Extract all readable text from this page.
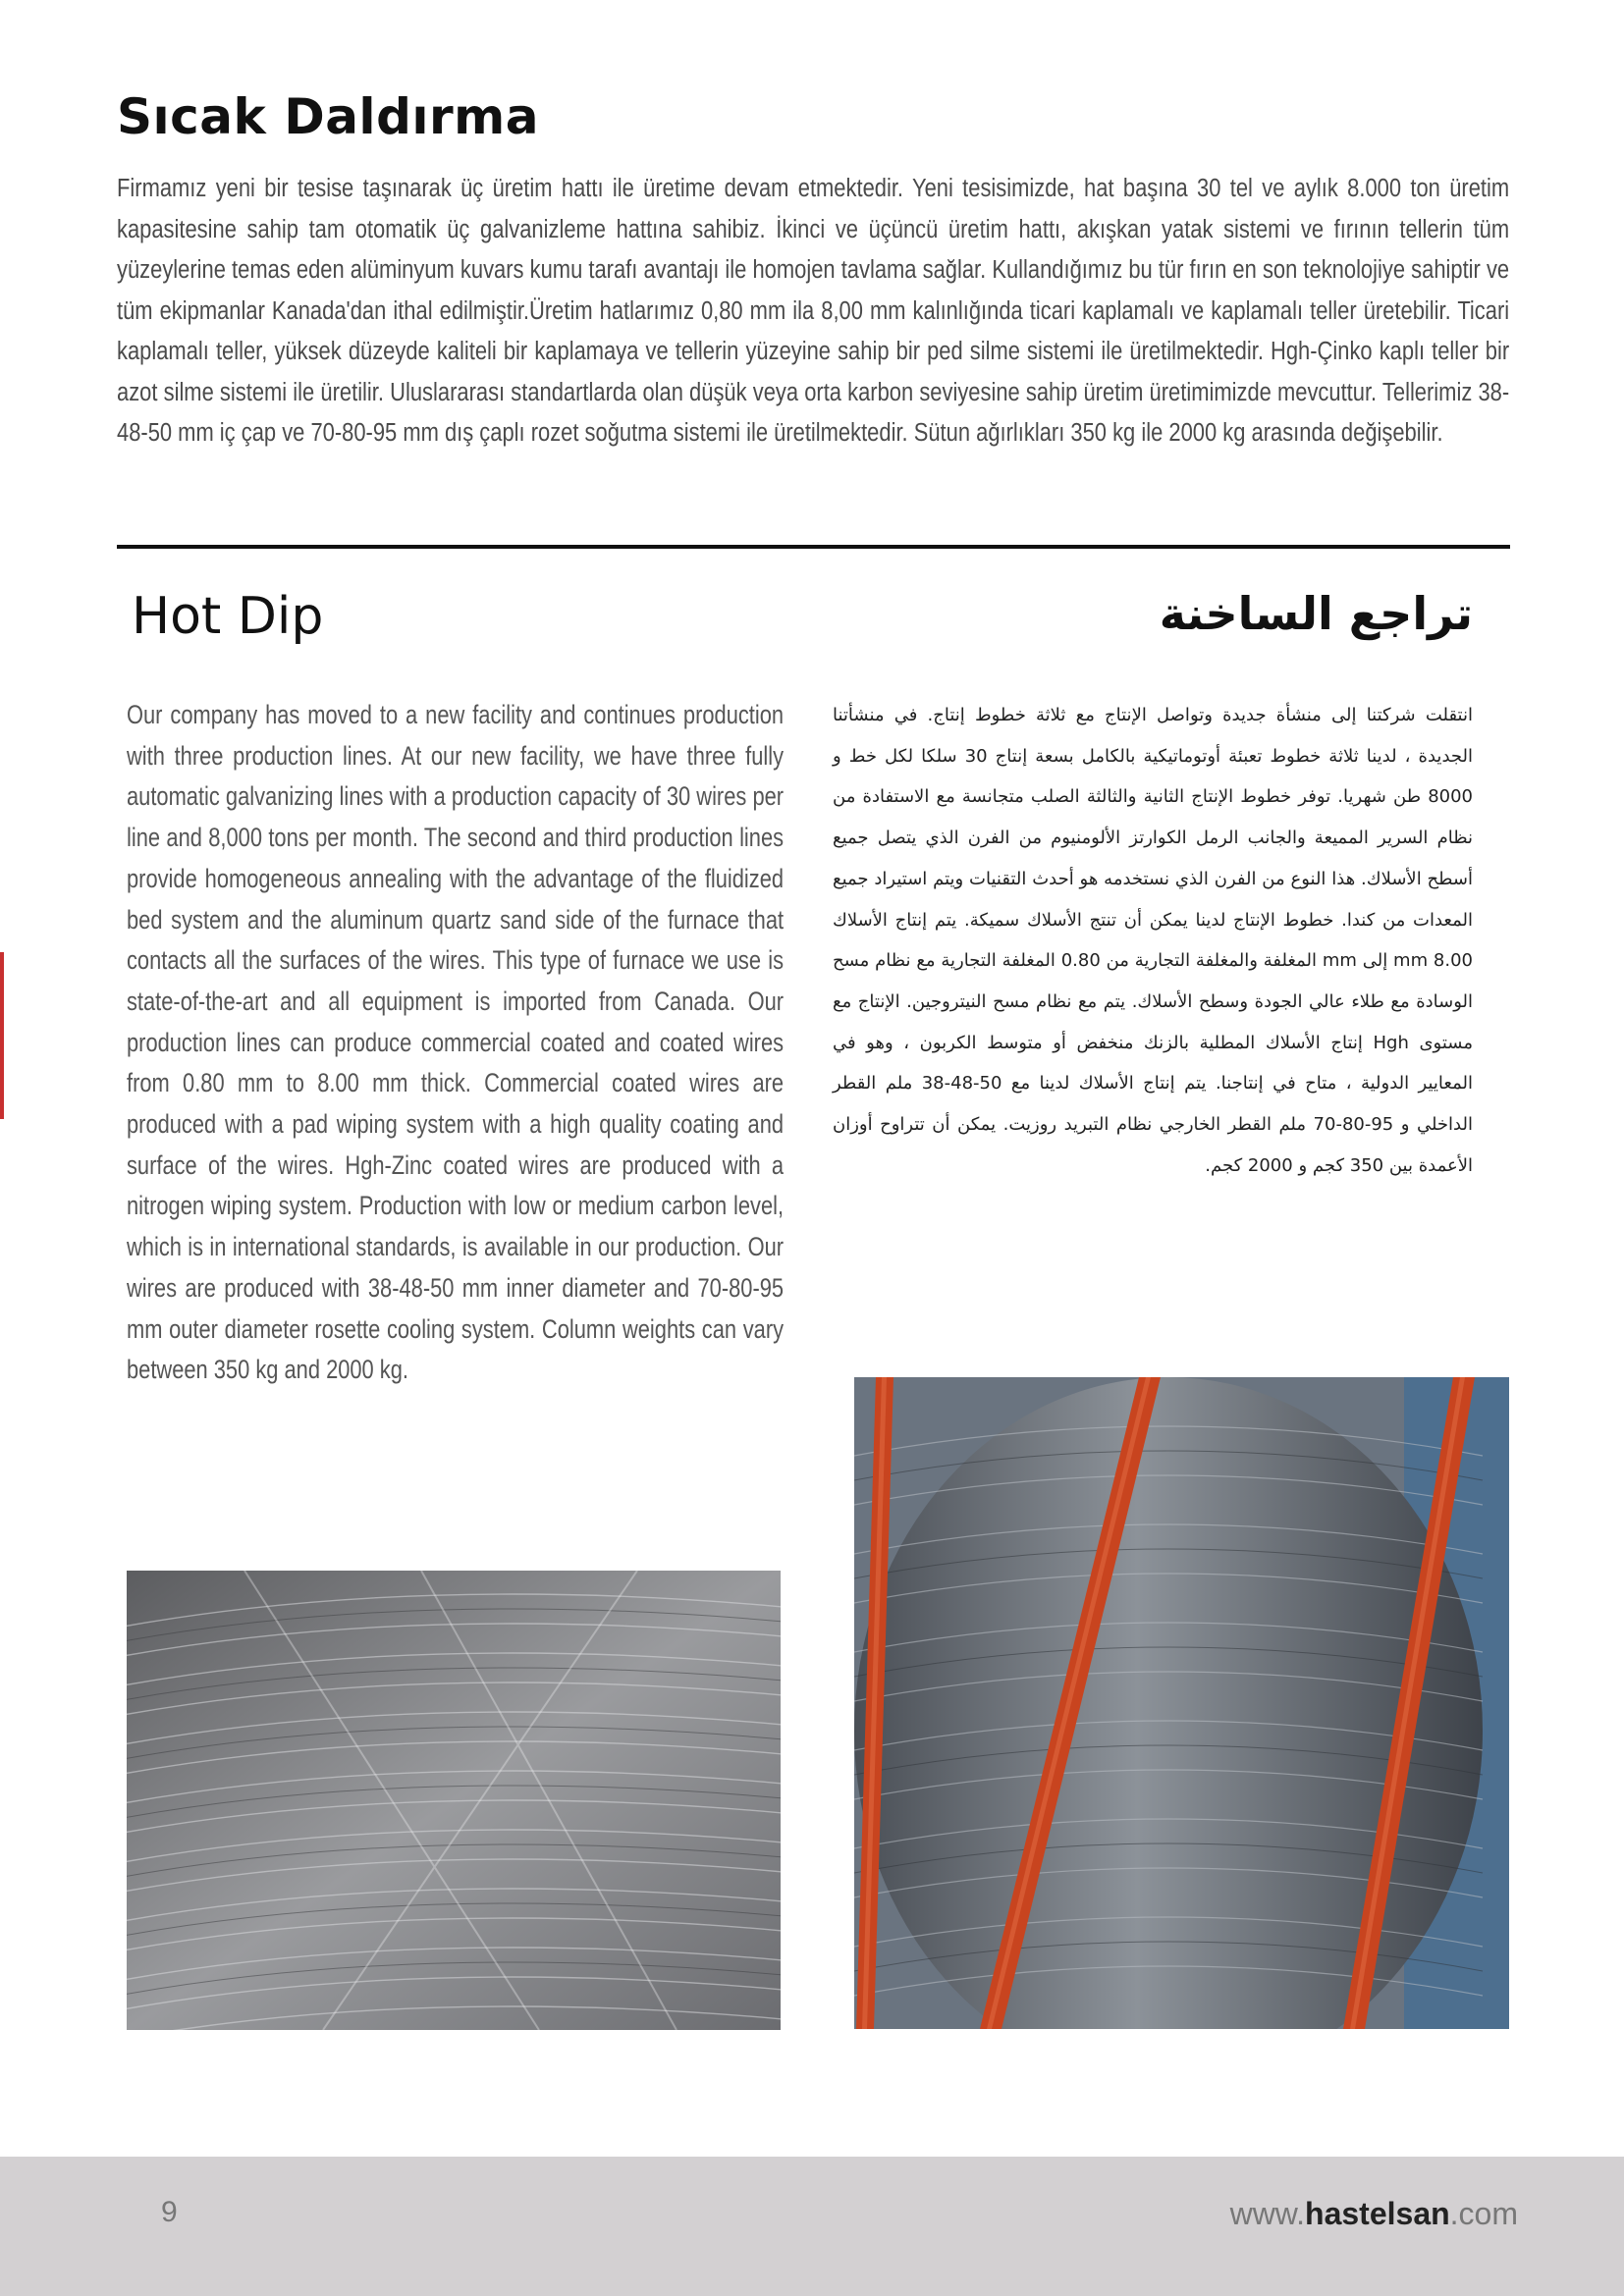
Sıcak Daldırma

Firmamız yeni bir tesise taşınarak üç üretim hattı ile üretime devam etmektedir. Yeni tesisimizde, hat başına 30 tel ve aylık 8.000 ton üretim kapasitesine sahip tam otomatik üç galvanizleme hattına sahibiz. İkinci ve üçüncü üretim hattı, akışkan yatak sistemi ve fırının tellerin tüm yüzeylerine temas eden alüminyum kuvars kumu tarafı avantajı ile homojen tavlama sağlar. Kullandığımız bu tür fırın en son teknolojiye sahiptir ve tüm ekipmanlar Kanada'dan ithal edilmiştir.Üretim hatlarımız 0,80 mm ila 8,00 mm kalınlığında ticari kaplamalı ve kaplamalı teller üretebilir. Ticari kaplamalı teller, yüksek düzeyde kaliteli bir kaplamaya ve tellerin yüzeyine sahip bir ped silme sistemi ile üretilmektedir. Hgh-Çinko kaplı teller bir azot silme sistemi ile üretilir. Uluslararası standartlarda olan düşük veya orta karbon seviyesine sahip üretim üretimimizde mevcuttur. Tellerimiz 38-48-50 mm iç çap ve 70-80-95 mm dış çaplı rozet soğutma sistemi ile üretilmektedir. Sütun ağırlıkları 350 kg ile 2000 kg arasında değişebilir.

Hot Dip	تراجع الساخنة

Our company has moved to a new facility and continues production with three production lines. At our new facility, we have three fully automatic galvanizing lines with a production capacity of 30 wires per line and 8,000 tons per month. The second and third production lines provide homogeneous annealing with the advantage of the fluidized bed system and the aluminum quartz sand side of the furnace that contacts all the surfaces of the wires. This type of furnace we use is state-of-the-art and all equipment is imported from Canada. Our production lines can produce commercial coated and coated wires from 0.80 mm to 8.00 mm thick. Commercial coated wires are produced with a pad wiping system with a high quality coating and surface of the wires. Hgh-Zinc coated wires are produced with a nitrogen wiping system. Production with low or medium carbon level, which is in international standards, is available in our production. Our wires are produced with 38-48-50 mm inner diameter and 70-80-95 mm outer diameter rosette cooling system. Column weights can vary between 350 kg and 2000 kg.

انتقلت شركتنا إلى منشأة جديدة وتواصل الإنتاج مع ثلاثة خطوط إنتاج. في منشأتنا الجديدة ، لدينا ثلاثة خطوط تعبئة أوتوماتيكية بالكامل بسعة إنتاج 30 سلكا لكل خط و 8000 طن شهريا. توفر خطوط الإنتاج الثانية والثالثة الصلب متجانسة مع الاستفادة من نظام السرير المميعة والجانب الرمل الكوارتز الألومنيوم من الفرن الذي يتصل جميع أسطح الأسلاك. هذا النوع من الفرن الذي نستخدمه هو أحدث التقنيات ويتم استيراد جميع المعدات من كندا. خطوط الإنتاج لدينا يمكن أن تنتج الأسلاك سميكة. يتم إنتاج الأسلاك mm 8.00 إلى mm المغلفة والمغلفة التجارية من 0.80 المغلفة التجارية مع نظام مسح الوسادة مع طلاء عالي الجودة وسطح الأسلاك. يتم مع نظام مسح النيتروجين. الإنتاج مع مستوى Hgh إنتاج الأسلاك المطلية بالزنك منخفض أو متوسط الكربون ، وهو في المعايير الدولية ، متاح في إنتاجنا. يتم إنتاج الأسلاك لدينا مع 50-48-38 ملم القطر الداخلي و 95-80-70 ملم القطر الخارجي نظام التبريد روزيت. يمكن أن تتراوح أوزان الأعمدة بين 350 كجم و 2000 كجم.

9	www.hastelsan.com
